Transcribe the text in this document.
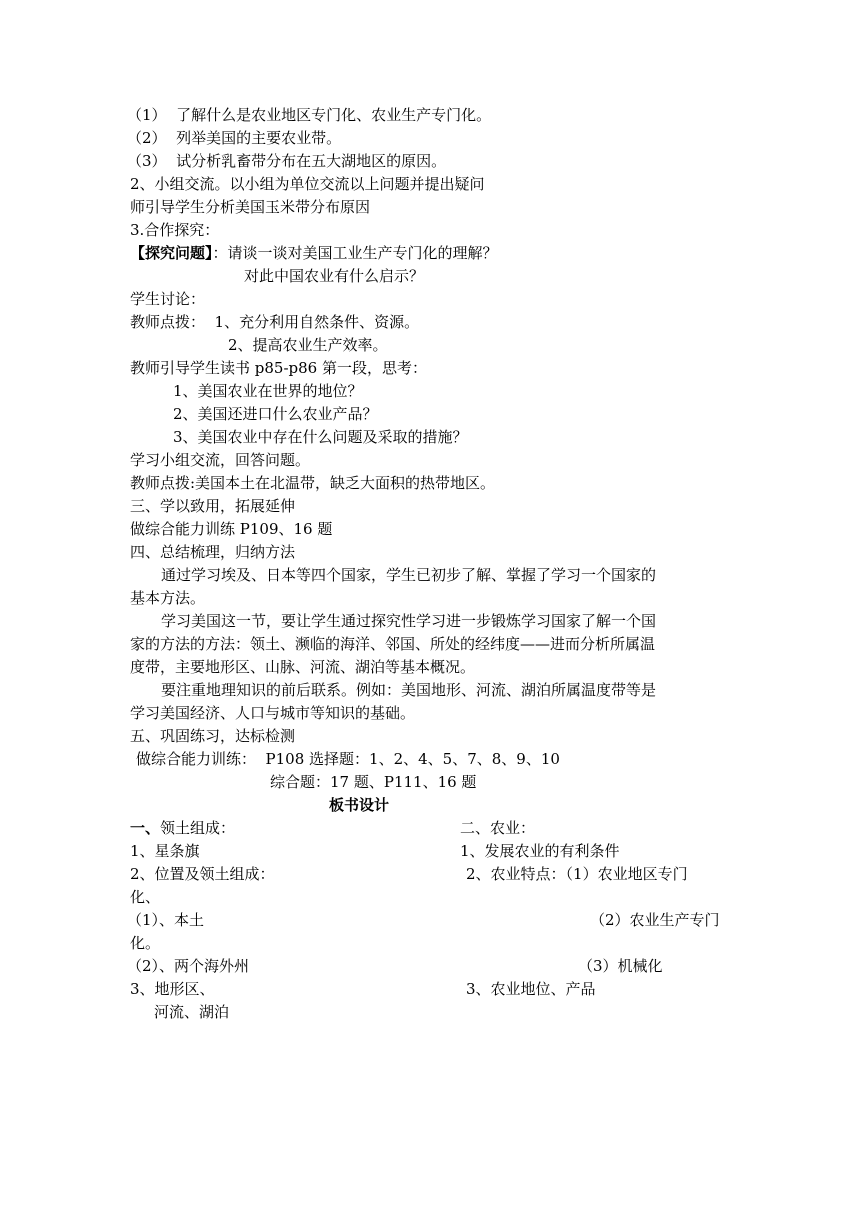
（1）  了解什么是农业地区专门化、农业生产专门化。
（2）  列举美国的主要农业带。
（3）  试分析乳畜带分布在五大湖地区的原因。
2、小组交流。以小组为单位交流以上问题并提出疑问
师引导学生分析美国玉米带分布原因
3.合作探究：
【探究问题】：请谈一谈对美国工业生产专门化的理解？
对此中国农业有什么启示？
学生讨论：
教师点拨：  1、充分利用自然条件、资源。
2、提高农业生产效率。
教师引导学生读书 p85-p86 第一段，思考：
1、美国农业在世界的地位？
2、美国还进口什么农业产品？
3、美国农业中存在什么问题及采取的措施？
学习小组交流，回答问题。
教师点拨:美国本土在北温带，缺乏大面积的热带地区。
三、学以致用，拓展延伸
做综合能力训练 P109、16 题
四、总结梳理，归纳方法
通过学习埃及、日本等四个国家，学生已初步了解、掌握了学习一个国家的
基本方法。
学习美国这一节，要让学生通过探究性学习进一步锻炼学习国家了解一个国
家的方法的方法：领土、濒临的海洋、邻国、所处的经纬度——进而分析所属温
度带，主要地形区、山脉、河流、湖泊等基本概况。
要注重地理知识的前后联系。例如：美国地形、河流、湖泊所属温度带等是
学习美国经济、人口与城市等知识的基础。
五、巩固练习，达标检测
做综合能力训练：  P108 选择题：1、2、4、5、7、8、9、10
综合题：17 题、P111、16 题
板书设计
一、领土组成：
1、星条旗
2、位置及领土组成：
化、
（1）、本土
化。
（2）、两个海外州
3、地形区、
河流、湖泊
二、农业：
1、发展农业的有利条件
2、农业特点：（1）农业地区专门
（2）农业生产专门
（3）机械化
3、农业地位、产品
